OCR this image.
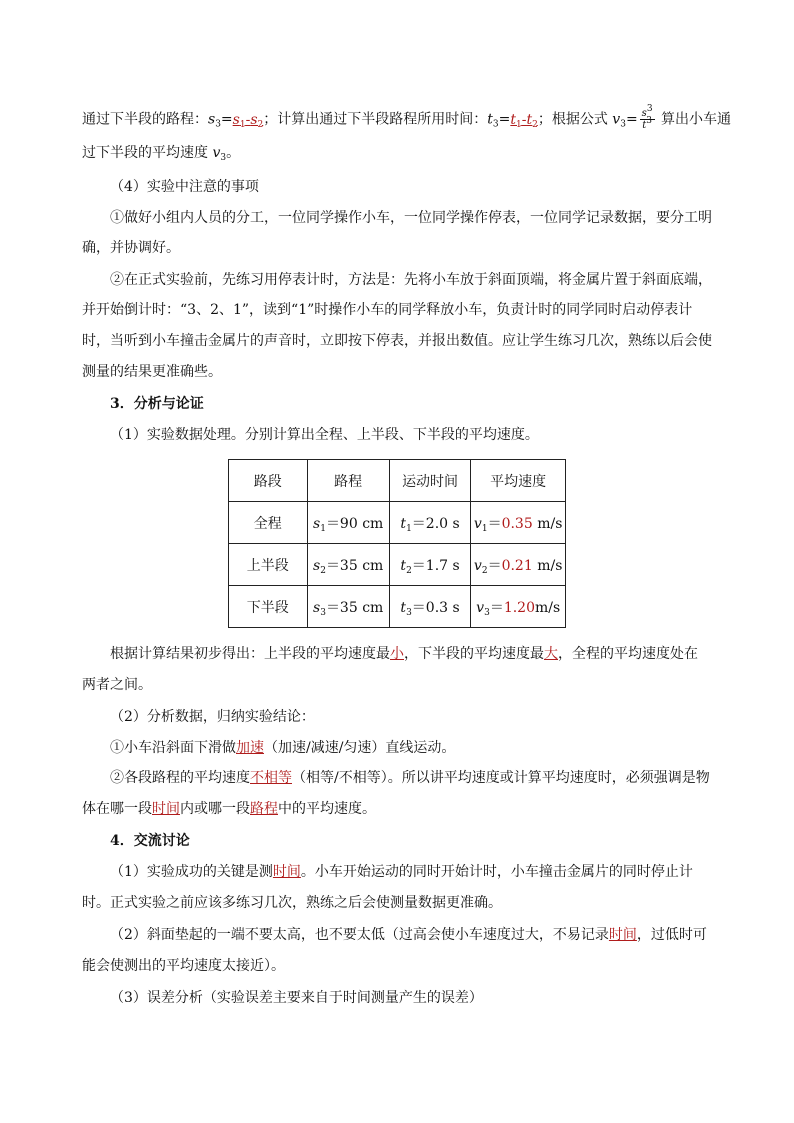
通过下半段的路程：$s_3=s_1-s_2$；计算出通过下半段路程所用时间：$t_3=t_1-t_2$；根据公式 $v_3= \frac{s^3}{t^3}$ 算出小车通
过下半段的平均速度 $v_3$。
（4）实验中注意的事项
①做好小组内人员的分工，一位同学操作小车，一位同学操作停表，一位同学记录数据，要分工明
确，并协调好。
②在正式实验前，先练习用停表计时，方法是：先将小车放于斜面顶端，将金属片置于斜面底端，
并开始倒计时：“3、2、1”，读到“1”时操作小车的同学释放小车，负责计时的同学同时启动停表计
时，当听到小车撞击金属片的声音时，立即按下停表，并报出数值。应让学生练习几次，熟练以后会使
测量的结果更准确些。
3．分析与论证
（1）实验数据处理。分别计算出全程、上半段、下半段的平均速度。
路段	路程	运动时间	平均速度
全程	$s_1=90$ cm	$t_1=2.0$ s	$v_1=0.35$ m/s
上半段	$s_2=35$ cm	$t_2=1.7$ s	$v_2=0.21$ m/s
下半段	$s_3=35$ cm	$t_3=0.3$ s	$v_3=1.20m/s$
根据计算结果初步得出：上半段的平均速度最小，下半段的平均速度最大，全程的平均速度处在
两者之间。
（2）分析数据，归纳实验结论：
①小车沿斜面下滑做加速（加速/减速/匀速）直线运动。
②各段路程的平均速度不相等（相等/不相等）。所以讲平均速度或计算平均速度时，必须强调是物
体在哪一段时间内或哪一段路程中的平均速度。
4．交流讨论
（1）实验成功的关键是测时间。小车开始运动的同时开始计时，小车撞击金属片的同时停止计
时。正式实验之前应该多练习几次，熟练之后会使测量数据更准确。
（2）斜面垫起的一端不要太高，也不要太低（过高会使小车速度过大，不易记录时间，过低时可
能会使测出的平均速度太接近）。
（3）误差分析（实验误差主要来自于时间测量产生的误差）
